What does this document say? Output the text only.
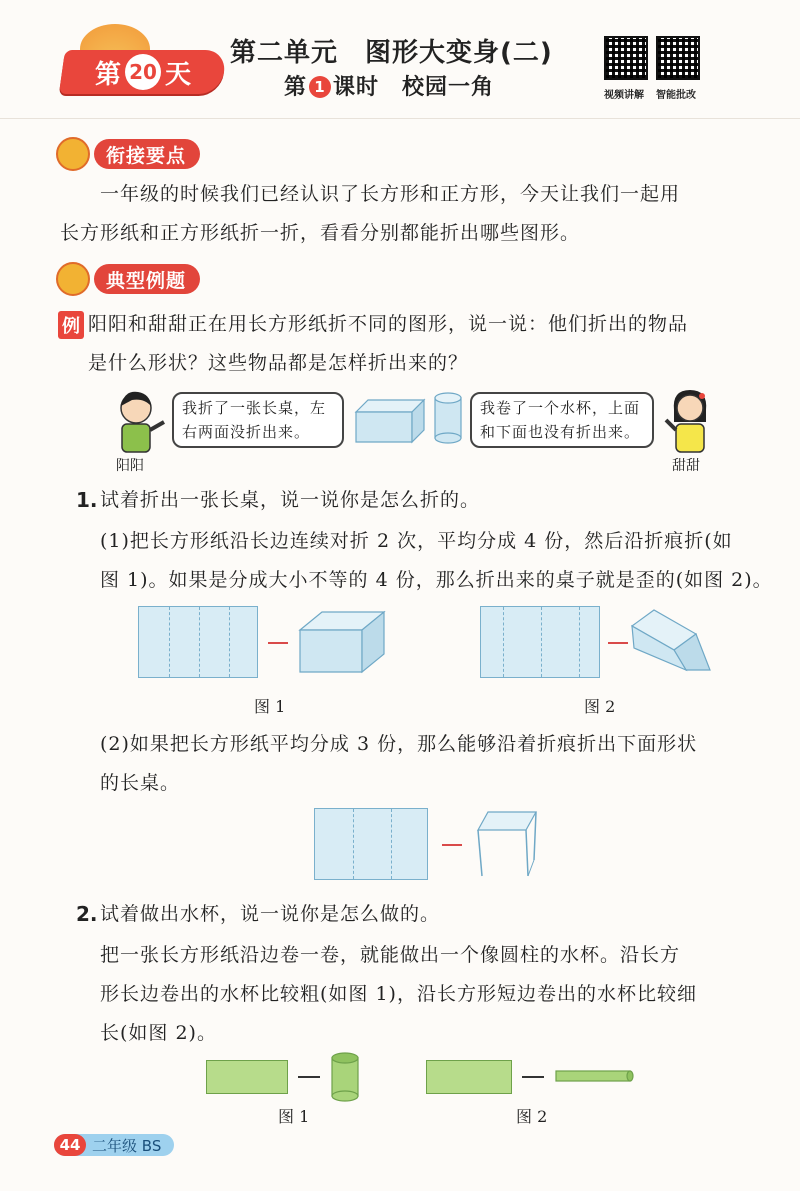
第 20 天
第二单元　图形大变身(二)
第 1 课时　校园一角	视频讲解 智能批改
衔接要点
一年级的时候我们已经认识了长方形和正方形，今天让我们一起用
长方形纸和正方形纸折一折，看看分别都能折出哪些图形。
典型例题
例 阳阳和甜甜正在用长方形纸折不同的图形，说一说：他们折出的物品
是什么形状？这些物品都是怎样折出来的？
阳阳
我折了一张长桌，左
右两面没折出来。
我卷了一个水杯，上面
和下面也没有折出来。
甜甜
1. 试着折出一张长桌，说一说你是怎么折的。
(1)把长方形纸沿长边连续对折 2 次，平均分成 4 份，然后沿折痕折(如
图 1)。如果是分成大小不等的 4 份，那么折出来的桌子就是歪的(如图 2)。
图 1	图 2
(2)如果把长方形纸平均分成 3 份，那么能够沿着折痕折出下面形状
的长桌。
2. 试着做出水杯，说一说你是怎么做的。
把一张长方形纸沿边卷一卷，就能做出一个像圆柱的水杯。沿长方
形长边卷出的水杯比较粗(如图 1)，沿长方形短边卷出的水杯比较细
长(如图 2)。
图 1	图 2
44 二年级 BS
